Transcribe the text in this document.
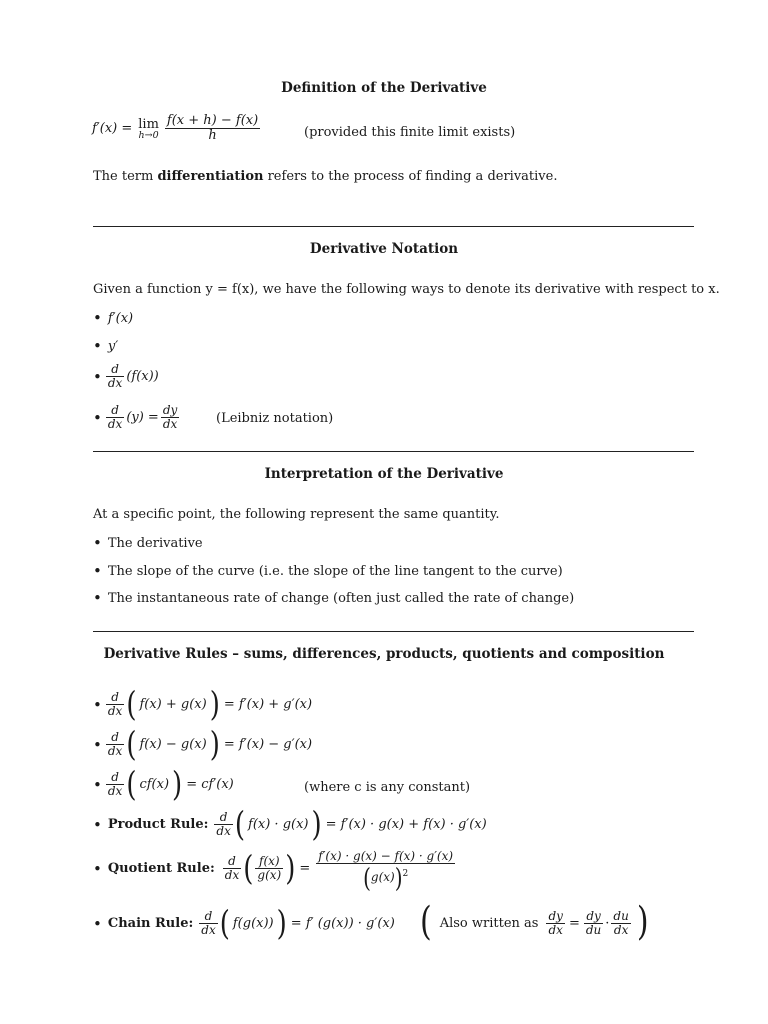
Definition of the Derivative
f′(x) = lim
$h\to 0 \frac{f(x + h) - f(x)}{h}$	(provided this finite limit exists)
The term differentiation refers to the process of finding a derivative.
Derivative Notation
Given a function y = f(x), we have the following ways to denote its derivative with respect to x.
• f′(x)
• y′
• $\frac{d}{dx} (f(x))$
• $\frac{d}{dx} (y) = \frac{dy}{dx}$	(Leibniz notation)
Interpretation of the Derivative
At a specific point, the following represent the same quantity.
• The derivative
• The slope of the curve (i.e. the slope of the line tangent to the curve)
• The instantaneous rate of change (often just called the rate of change)
Derivative Rules – sums, differences, products, quotients and composition
• $\frac{d}{dx}$ ( f(x) + g(x) ) = f′(x) + g′(x)
• $\frac{d}{dx}$ ( f(x) − g(x) ) = f′(x) − g′(x)
• $\frac{d}{dx}$ ( cf(x) ) = cf′(x)	(where c is any constant)
• Product Rule: $\frac{d}{dx}$ ( f(x) · g(x) ) = f′(x) · g(x) + f(x) · g′(x)
• Quotient Rule: $\frac{d}{dx}$ ( $\frac{f(x)}{g(x)}$ ) = $\frac{f'(x) \cdot g(x) - f(x) \cdot g'(x)}{(g(x))^2}$
• Chain Rule: $\frac{d}{dx}$ ( f(g(x)) ) = f′ (g(x)) · g′(x) ( Also written as $\frac{dy}{dx} = \frac{dy}{du} \cdot \frac{du}{dx}$ )
